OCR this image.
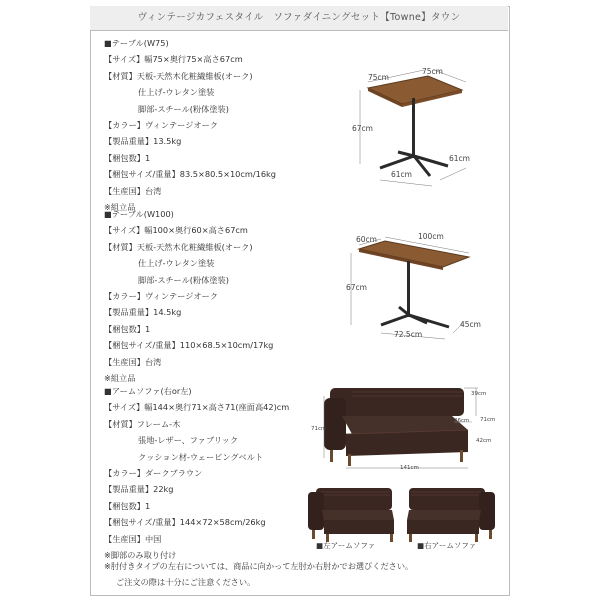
ヴィンテージカフェスタイル　ソファダイニングセット【Towne】タウン
■テーブル(W75)
【サイズ】幅75×奥行75×高さ67cm
【材質】天板-天然木化粧繊維板(オーク)
仕上げ-ウレタン塗装
脚部-スチール(粉体塗装)
【カラー】ヴィンテージオーク
【製品重量】13.5kg
【梱包数】1
【梱包サイズ/重量】83.5×80.5×10cm/16kg
【生産国】台湾
※組立品
75cm
75cm
67cm
61cm
61cm
■テーブル(W100)
【サイズ】幅100×奥行60×高さ67cm
【材質】天板-天然木化粧繊維板(オーク)
仕上げ-ウレタン塗装
脚部-スチール(粉体塗装)
【カラー】ヴィンテージオーク
【製品重量】14.5kg
【梱包数】1
【梱包サイズ/重量】110×68.5×10cm/17kg
【生産国】台湾
※組立品
60cm	100cm
67cm
72.5cm
45cm
■アームソファ(右or左)
【サイズ】幅144×奥行71×高さ71(座面高42)cm
【材質】フレーム-木
張地-レザー、ファブリック
クッション材-ウェービングベルト
【カラー】ダークブラウン
【製品重量】22kg
【梱包数】1
【梱包サイズ/重量】144×72×58cm/26kg
【生産国】中国
※脚部のみ取り付け
39cm
71cm
46cm 71cm
42cm
141cm
■左アームソファ	■右アームソファ
※肘付きタイプの左右については、商品に向かって左肘か右肘かでお選びください。
ご注文の際は十分にご注意ください。
